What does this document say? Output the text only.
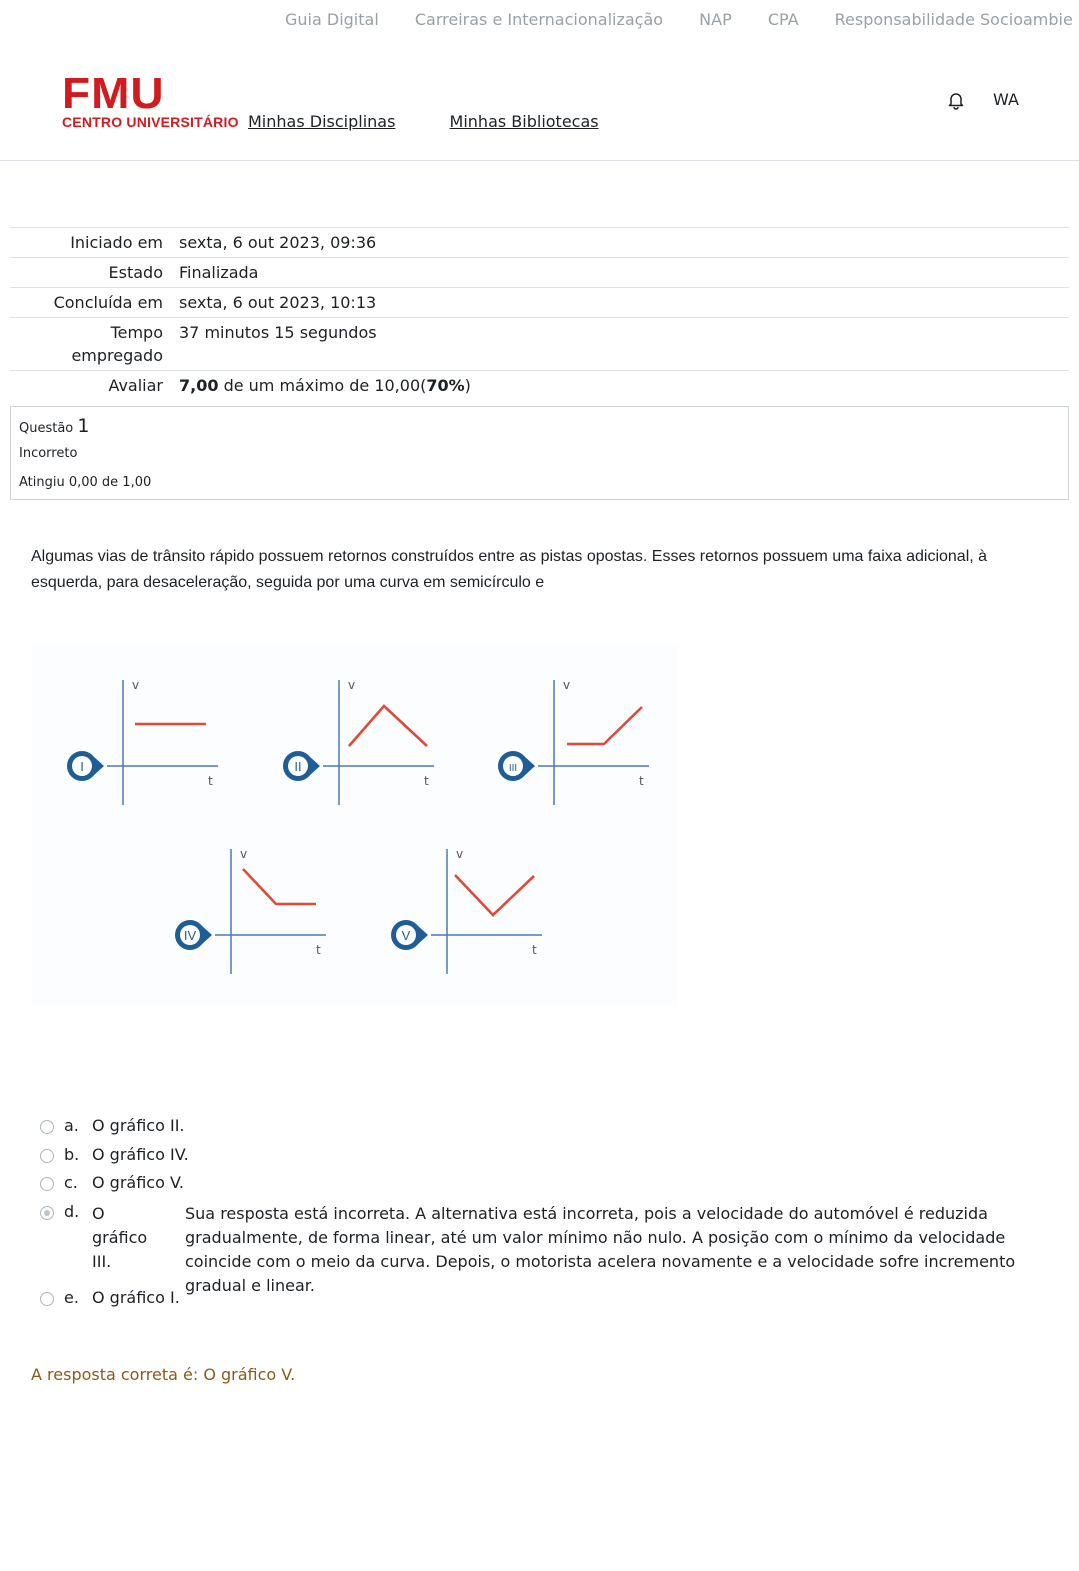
Guia Digital Carreiras e Internacionalização NAP CPA Responsabilidade Socioambie
FMU
CENTRO UNIVERSITÁRIO Minhas Disciplinas	Minhas Bibliotecas
WA
Iniciado em	sexta, 6 out 2023, 09:36
Estado	Finalizada
Concluída em	sexta, 6 out 2023, 10:13
Tempo
empregado	37 minutos 15 segundos
Avaliar	7,00 de um máximo de 10,00(70%)
Questão 1
Incorreto
Atingiu 0,00 de 1,00
Algumas vias de trânsito rápido possuem retornos construídos entre as pistas opostas. Esses retornos possuem uma faixa adicional, à esquerda, para desaceleração, seguida por uma curva em semicírculo e
v
t
I
v
t
II
v
t
III
v
t
IV
v
t
V
a. O gráfico II.
b. O gráfico IV.
c. O gráfico V.
d. O gráfico III.
Sua resposta está incorreta. A alternativa está incorreta, pois a velocidade do automóvel é reduzida gradualmente, de forma linear, até um valor mínimo não nulo. A posição com o mínimo da velocidade coincide com o meio da curva. Depois, o motorista acelera novamente e a velocidade sofre incremento gradual e linear.
e. O gráfico I.
A resposta correta é: O gráfico V.
